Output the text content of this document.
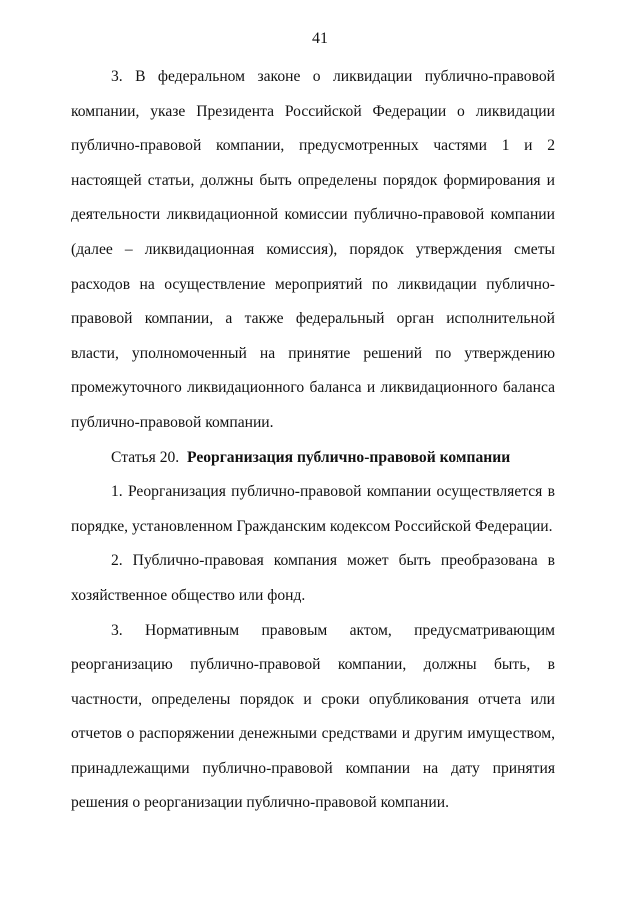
41

3. В федеральном законе о ликвидации публично-правовой компании, указе Президента Российской Федерации о ликвидации публично-правовой компании, предусмотренных частями 1 и 2 настоящей статьи, должны быть определены порядок формирования и деятельности ликвидационной комиссии публично-правовой компании (далее – ликвидационная комиссия), порядок утверждения сметы расходов на осуществление мероприятий по ликвидации публично-правовой компании, а также федеральный орган исполнительной власти, уполномоченный на принятие решений по утверждению промежуточного ликвидационного баланса и ликвидационного баланса публично-правовой компании.

Статья 20. Реорганизация публично-правовой компании

1. Реорганизация публично-правовой компании осуществляется в порядке, установленном Гражданским кодексом Российской Федерации.

2. Публично-правовая компания может быть преобразована в хозяйственное общество или фонд.

3. Нормативным правовым актом, предусматривающим реорганизацию публично-правовой компании, должны быть, в частности, определены порядок и сроки опубликования отчета или отчетов о распоряжении денежными средствами и другим имуществом, принадлежащими публично-правовой компании на дату принятия решения о реорганизации публично-правовой компании.
